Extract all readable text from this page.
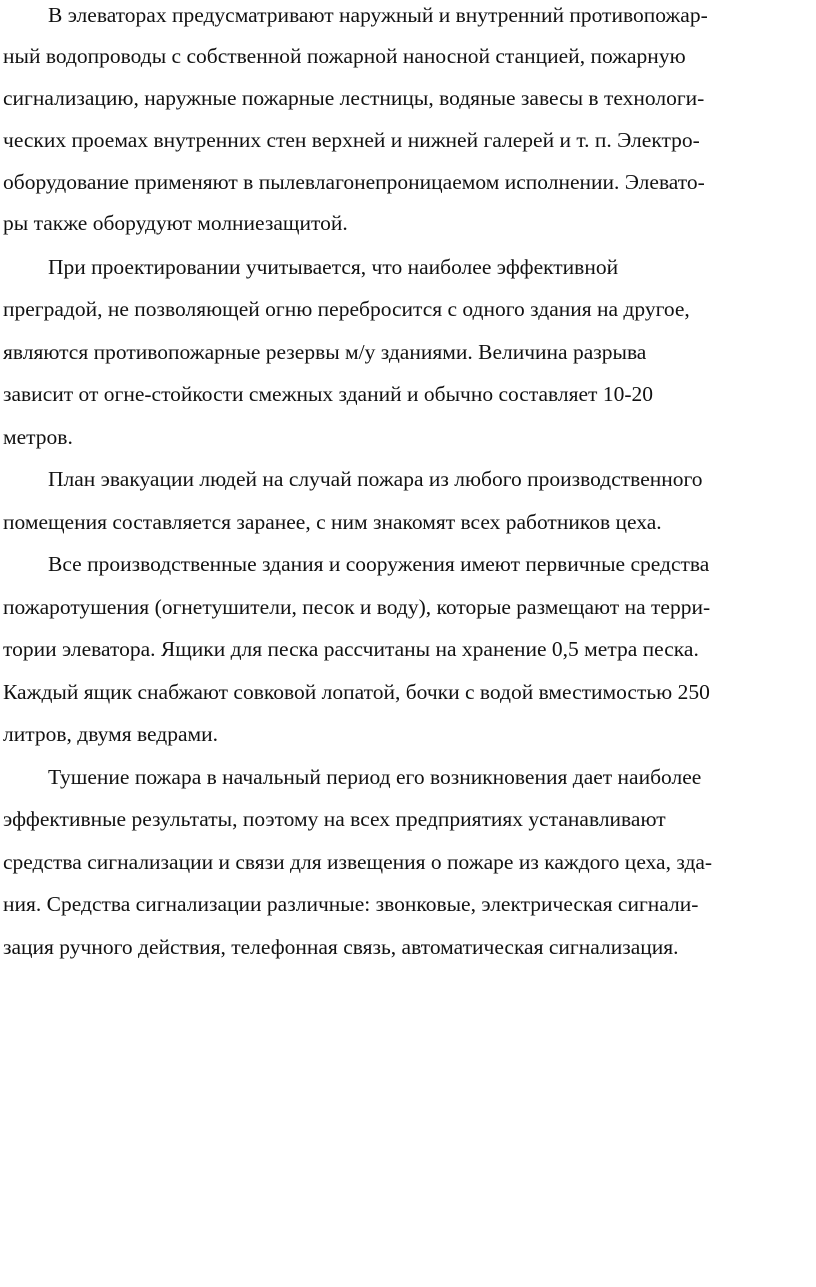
В элеваторах предусматривают наружный и внутренний противопожар-
ный водопроводы с собственной пожарной наносной станцией, пожарную
сигнализацию, наружные пожарные лестницы, водяные завесы в технологи-
ческих проемах внутренних стен верхней и нижней галерей и т. п. Электро-
оборудование применяют в пылевлагонепроницаемом исполнении. Элевато-
ры также оборудуют молниезащитой.
При проектировании учитывается, что наиболее эффективной
преградой, не позволяющей огню перебросится с одного здания на другое,
являются противопожарные резервы м/у зданиями. Величина разрыва
зависит от огне-стойкости смежных зданий и обычно составляет 10-20
метров.
План эвакуации людей на случай пожара из любого производственного
помещения составляется заранее, с ним знакомят всех работников цеха.
Все производственные здания и сооружения имеют первичные средства
пожаротушения (огнетушители, песок и воду), которые размещают на терри-
тории элеватора. Ящики для песка рассчитаны на хранение 0,5 метра песка.
Каждый ящик снабжают совковой лопатой, бочки с водой вместимостью 250
литров, двумя ведрами.
Тушение пожара в начальный период его возникновения дает наиболее
эффективные результаты, поэтому на всех предприятиях устанавливают
средства сигнализации и связи для извещения о пожаре из каждого цеха, зда-
ния. Средства сигнализации различные: звонковые, электрическая сигнали-
зация ручного действия, телефонная связь, автоматическая сигнализация.
